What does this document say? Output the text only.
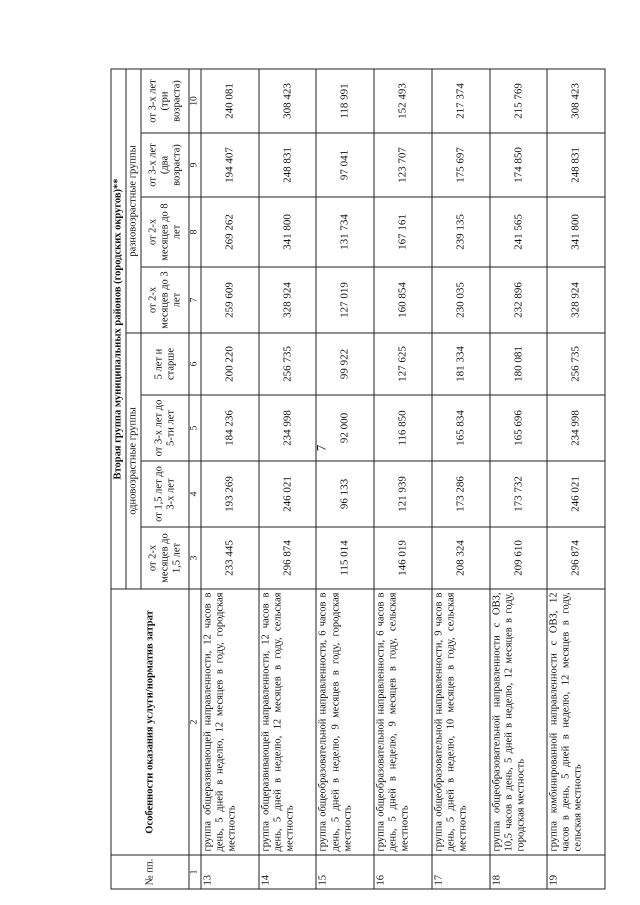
7
№ пп.	Особенности оказания услуги/норматив затрат	Вторая группа муниципальных районов (городских округов)**							
		одновозрастные группы				разновозрастные группы			
		от 2-х месяцев до 1,5 лет	от 1,5 лет до 3-х лет	от 3-х лет до 5-ти лет	5 лет и старше	от 2-х месяцев до 3 лет	от 2-х месяцев до 8 лет	от 3-х лет (два возраста)	от 3-х лет (три возраста)
1	2	3	4	5	6	7	8	9	10
13	группа общеразвивающей направленности, 12 часов в день, 5 дней в неделю, 12 месяцев в году, городская местность	233 445	193 269	184 236	200 220	259 609	269 262	194 407	240 081
14	группа общеразвивающей направленности, 12 часов в день, 5 дней в неделю, 12 месяцев в году, сельская местность	296 874	246 021	234 998	256 735	328 924	341 800	248 831	308 423
15	группа общеобразовательной направленности, 6 часов в день, 5 дней в неделю, 9 месяцев в году, городская местность	115 014	96 133	92 000	99 922	127 019	131 734	97 041	118 991
16	группа общеобразовательной направленности, 6 часов в день, 5 дней в неделю, 9 месяцев в году, сельская местность	146 019	121 939	116 850	127 625	160 854	167 161	123 707	152 493
17	группа общеобразовательной направленности, 9 часов в день, 5 дней в неделю, 10 месяцев в году, сельская местность	208 324	173 286	165 834	181 334	230 035	239 135	175 697	217 374
18	группа общеобразовательной направленности с ОВЗ, 10,5 часов в день, 5 дней в неделю, 12 месяцев в году, городская местность	209 610	173 732	165 696	180 081	232 896	241 565	174 850	215 769
19	группа комбинированной направленности с ОВЗ, 12 часов в день, 5 дней в неделю, 12 месяцев в году, сельская местность	296 874	246 021	234 998	256 735	328 924	341 800	248 831	308 423
